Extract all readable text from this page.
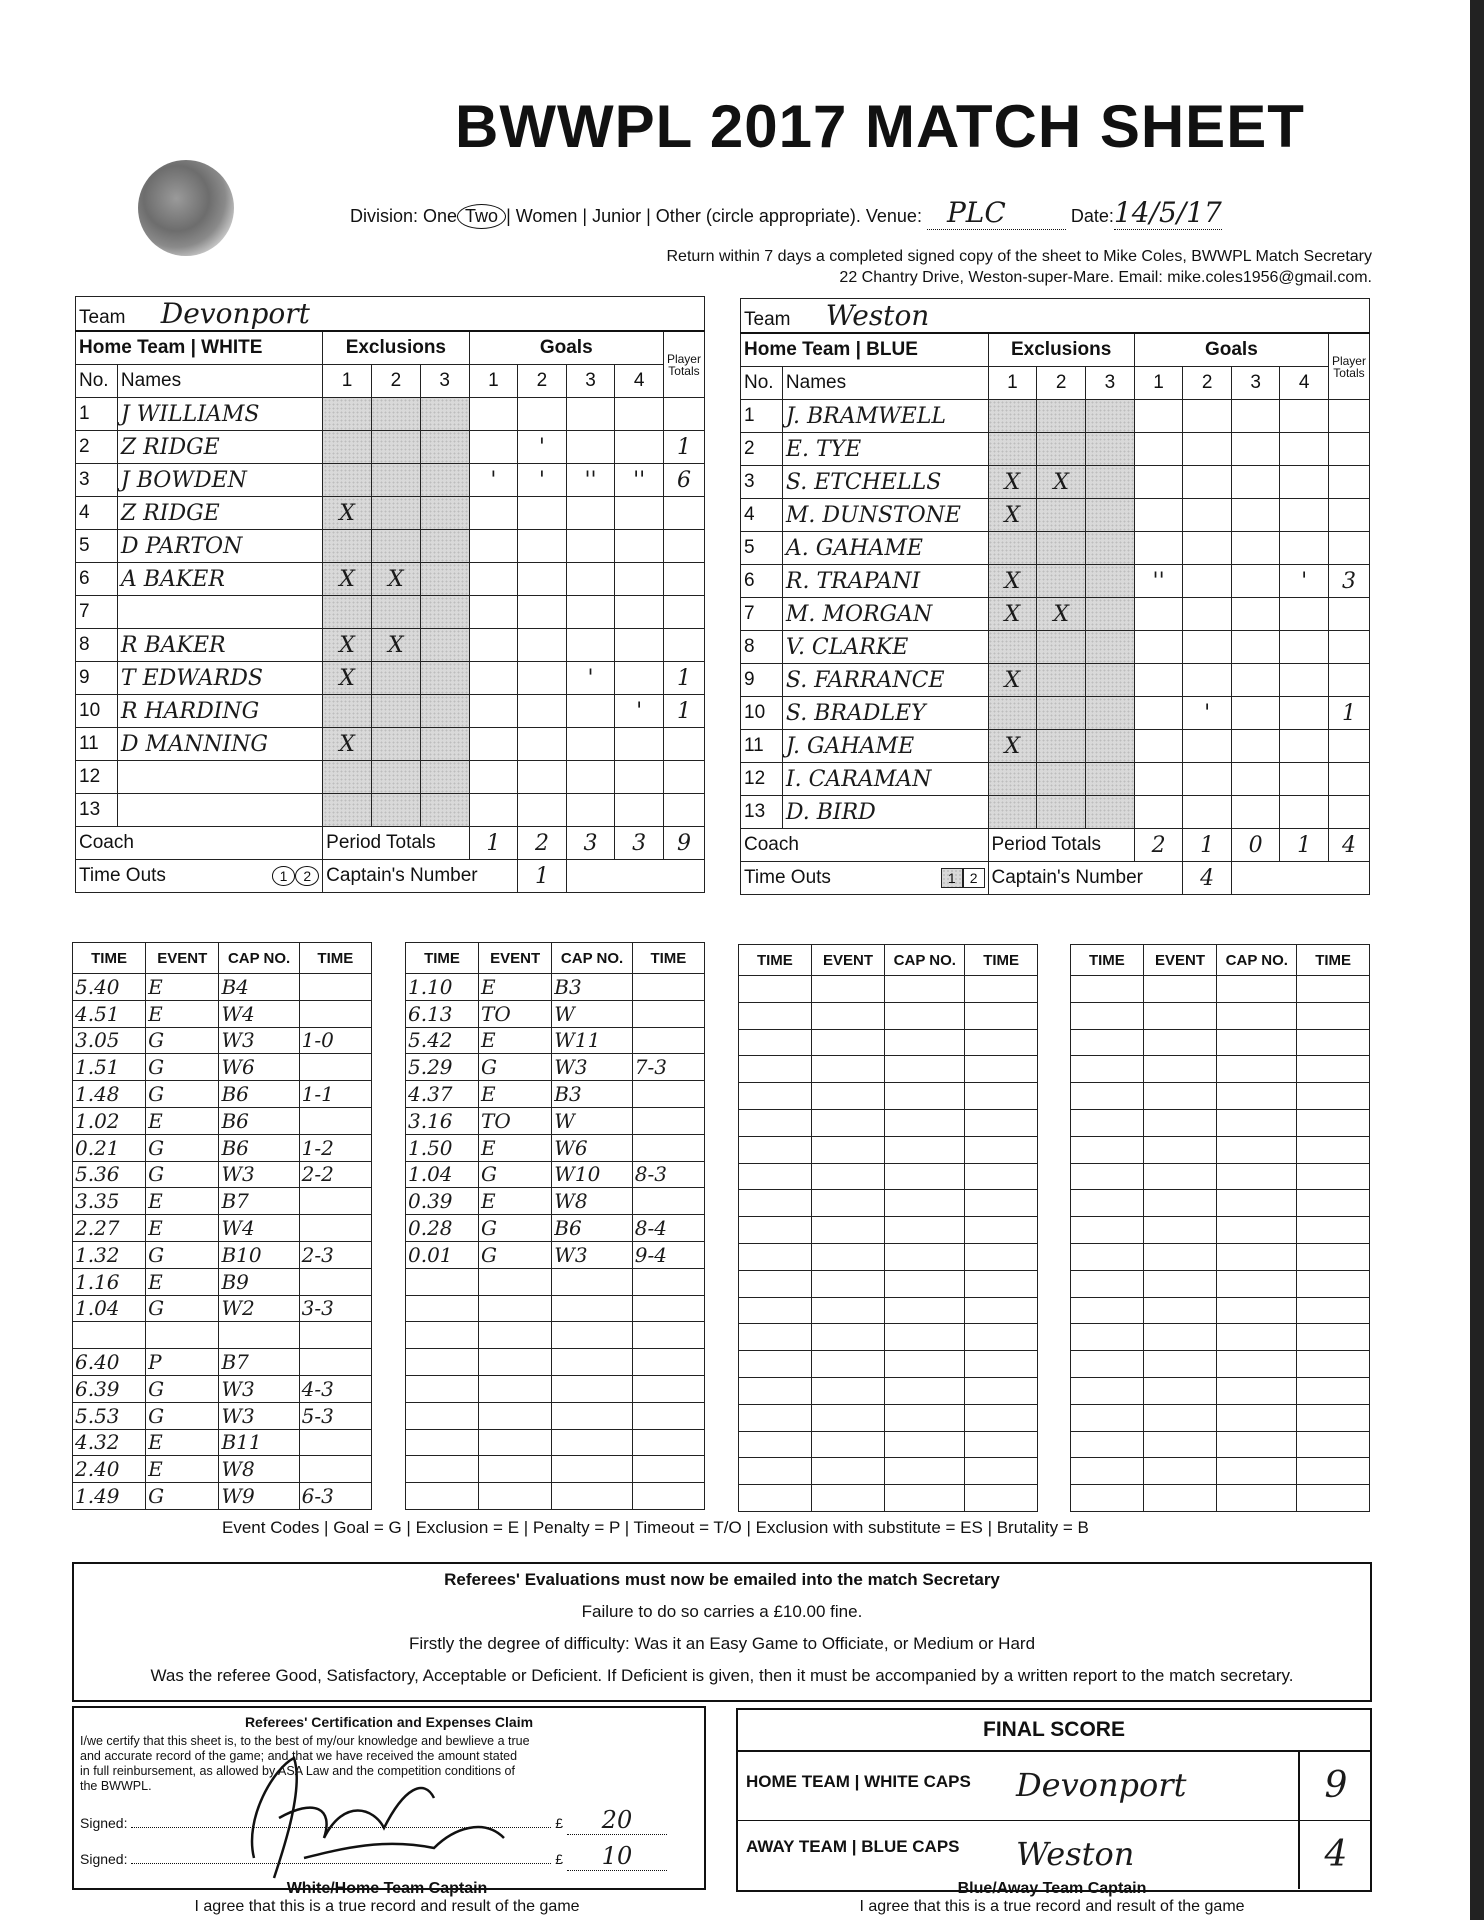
BWWPL 2017 MATCH SHEET
Division: One Two | Women | Junior | Other (circle appropriate). Venue: PLC	Date:14/5/17
Return within 7 days a completed signed copy of the sheet to Mike Coles, BWWPL Match Secretary
22 Chantry Drive, Weston-super-Mare. Email: mike.coles1956@gmail.com.
Team Devonport									
Home Team | WHITE		Exclusions			Goals				Player Totals
No.	Names	1	2	3	1	2	3	4	
1	J WILLIAMS								
2	Z RIDGE					'			1
3	J BOWDEN				'	'	''	''	6
4	Z RIDGE	X							
5	D PARTON								
6	A BAKER	X	X						
7									
8	R BAKER	X	X						
9	T EDWARDS	X					'		1
10	R HARDING							'	1
11	D MANNING	X							
12									
13									
Coach		Period Totals			1	2	3	3	9
Time Outs 1 2		Captain's Number				1			
Team Weston									
Home Team | BLUE		Exclusions			Goals				Player Totals
No.	Names	1	2	3	1	2	3	4	
1	J. BRAMWELL								
2	E. TYE								
3	S. ETCHELLS	X	X						
4	M. DUNSTONE	X							
5	A. GAHAME								
6	R. TRAPANI	X			''			'	3
7	M. MORGAN	X	X						
8	V. CLARKE								
9	S. FARRANCE	X							
10	S. BRADLEY					'			1
11	J. GAHAME	X							
12	I. CARAMAN								
13	D. BIRD								
Coach		Period Totals			2	1	0	1	4
Time Outs 1 2		Captain's Number				4			
TIME	EVENT	CAP NO.	TIME
5.40	E	B4	
4.51	E	W4	
3.05	G	W3	1-0
1.51	G	W6	
1.48	G	B6	1-1
1.02	E	B6	
0.21	G	B6	1-2
5.36	G	W3	2-2
3.35	E	B7	
2.27	E	W4	
1.32	G	B10	2-3
1.16	E	B9	
1.04	G	W2	3-3

6.40	P	B7	
6.39	G	W3	4-3
5.53	G	W3	5-3
4.32	E	B11	
2.40	E	W8	
1.49	G	W9	6-3
TIME	EVENT	CAP NO.	TIME
1.10	E	B3	
6.13	TO	W	
5.42	E	W11	
5.29	G	W3	7-3
4.37	E	B3	
3.16	TO	W	
1.50	E	W6	
1.04	G	W10	8-3
0.39	E	W8	
0.28	G	B6	8-4
0.01	G	W3	9-4

TIME	EVENT	CAP NO.	TIME

				TIME	EVENT	CAP NO.	TIME

Event Codes | Goal = G | Exclusion = E | Penalty = P | Timeout = T/O | Exclusion with substitute = ES | Brutality = B
Referees' Evaluations must now be emailed into the match Secretary
Failure to do so carries a £10.00 fine.
Firstly the degree of difficulty: Was it an Easy Game to Officiate, or Medium or Hard
Was the referee Good, Satisfactory, Acceptable or Deficient. If Deficient is given, then it must be accompanied by a written report to the match secretary.
Referees' Certification and Expenses Claim
I/we certify that this sheet is, to the best of my/our knowledge and bewlieve a true and accurate record of the game; and that we have received the amount stated in full reinbursement, as allowed by ASA Law and the competition conditions of the BWWPL.
Signed:	£ 20
Signed:	£ 10
FINAL SCORE
HOME TEAM | WHITE CAPS Devonport	9
AWAY TEAM | BLUE CAPS Weston	4
White/Home Team Captain
I agree that this is a true record and result of the game
Blue/Away Team Captain
I agree that this is a true record and result of the game
